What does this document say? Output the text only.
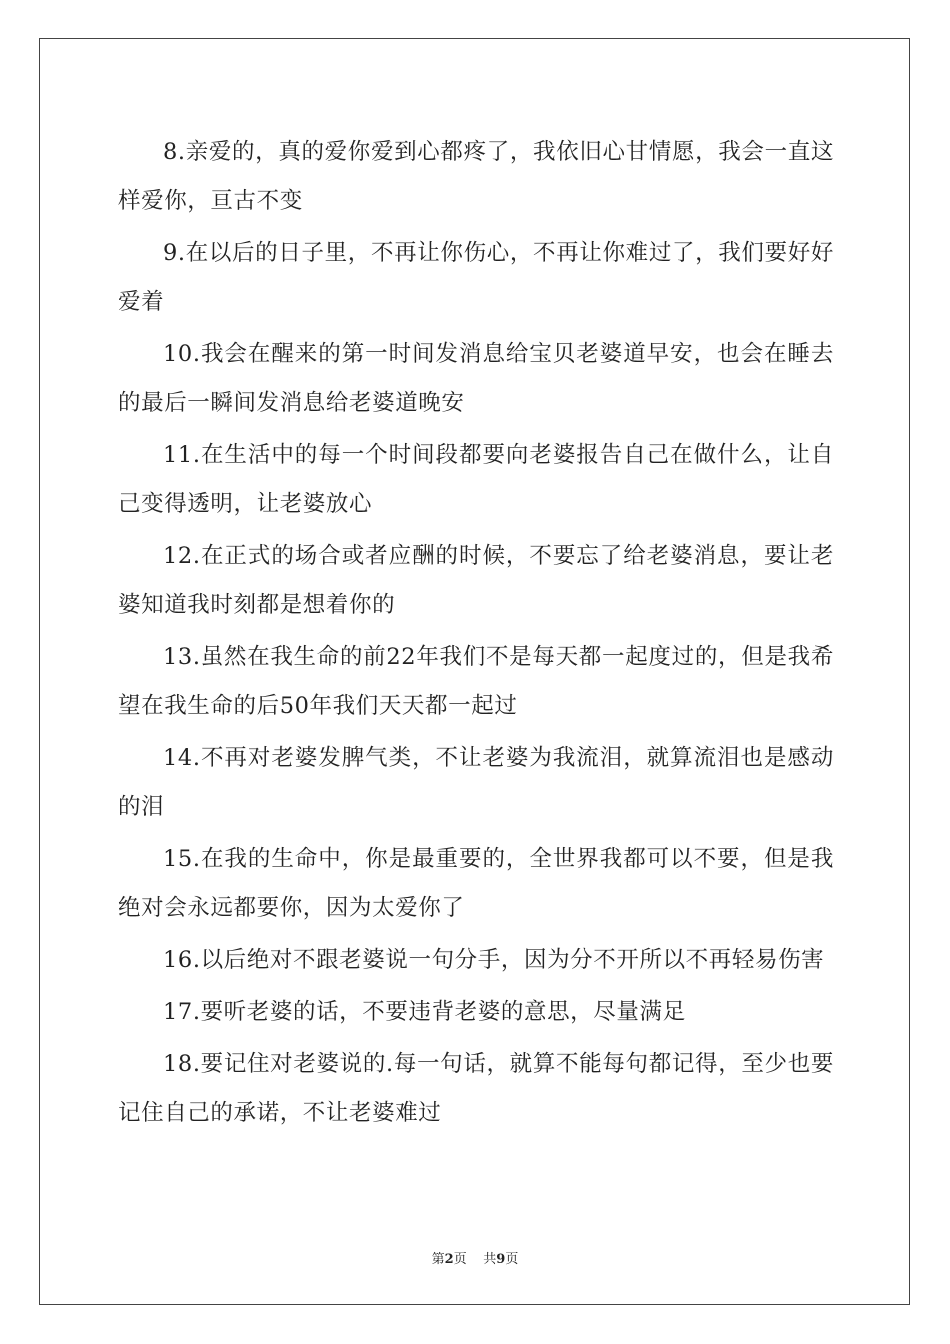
8.亲爱的，真的爱你爱到心都疼了，我依旧心甘情愿，我会一直这样爱你，亘古不变

9.在以后的日子里，不再让你伤心，不再让你难过了，我们要好好爱着

10.我会在醒来的第一时间发消息给宝贝老婆道早安，也会在睡去的最后一瞬间发消息给老婆道晚安

11.在生活中的每一个时间段都要向老婆报告自己在做什么，让自己变得透明，让老婆放心

12.在正式的场合或者应酬的时候，不要忘了给老婆消息，要让老婆知道我时刻都是想着你的

13.虽然在我生命的前22年我们不是每天都一起度过的，但是我希望在我生命的后50年我们天天都一起过

14.不再对老婆发脾气类，不让老婆为我流泪，就算流泪也是感动的泪

15.在我的生命中，你是最重要的，全世界我都可以不要，但是我绝对会永远都要你，因为太爱你了

16.以后绝对不跟老婆说一句分手，因为分不开所以不再轻易伤害

17.要听老婆的话，不要违背老婆的意思，尽量满足

18.要记住对老婆说的.每一句话，就算不能每句都记得，至少也要记住自己的承诺，不让老婆难过

第2页 共9页
